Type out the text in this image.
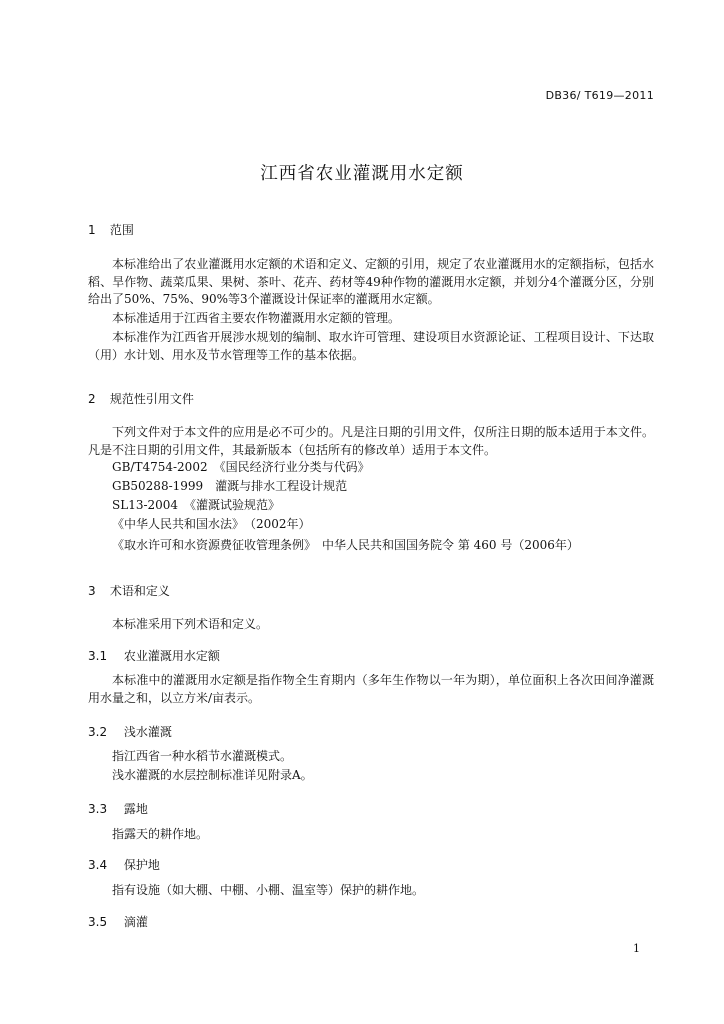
DB36/ T619—2011
江西省农业灌溉用水定额
1 范围

本标准给出了农业灌溉用水定额的术语和定义、定额的引用，规定了农业灌溉用水的定额指标，包括水稻、旱作物、蔬菜瓜果、果树、茶叶、花卉、药材等49种作物的灌溉用水定额，并划分4个灌溉分区，分别给出了50%、75%、90%等3个灌溉设计保证率的灌溉用水定额。

本标准适用于江西省主要农作物灌溉用水定额的管理。

本标准作为江西省开展涉水规划的编制、取水许可管理、建设项目水资源论证、工程项目设计、下达取（用）水计划、用水及节水管理等工作的基本依据。

2 规范性引用文件

下列文件对于本文件的应用是必不可少的。凡是注日期的引用文件，仅所注日期的版本适用于本文件。凡是不注日期的引用文件，其最新版本（包括所有的修改单）适用于本文件。

GB/T4754-2002　《国民经济行业分类与代码》
GB50288-1999　灌溉与排水工程设计规范
SL13-2004　《灌溉试验规范》
《中华人民共和国水法》　（2002年）
《取水许可和水资源费征收管理条例》　中华人民共和国国务院令 第 460 号（2006年）
3 术语和定义

本标准采用下列术语和定义。

3.1 农业灌溉用水定额

本标准中的灌溉用水定额是指作物全生育期内（多年生作物以一年为期），单位面积上各次田间净灌溉用水量之和，以立方米/亩表示。

3.2 浅水灌溉

指江西省一种水稻节水灌溉模式。

浅水灌溉的水层控制标准详见附录A。

3.3 露地

指露天的耕作地。

3.4 保护地

指有设施（如大棚、中棚、小棚、温室等）保护的耕作地。

3.5 滴灌
1
